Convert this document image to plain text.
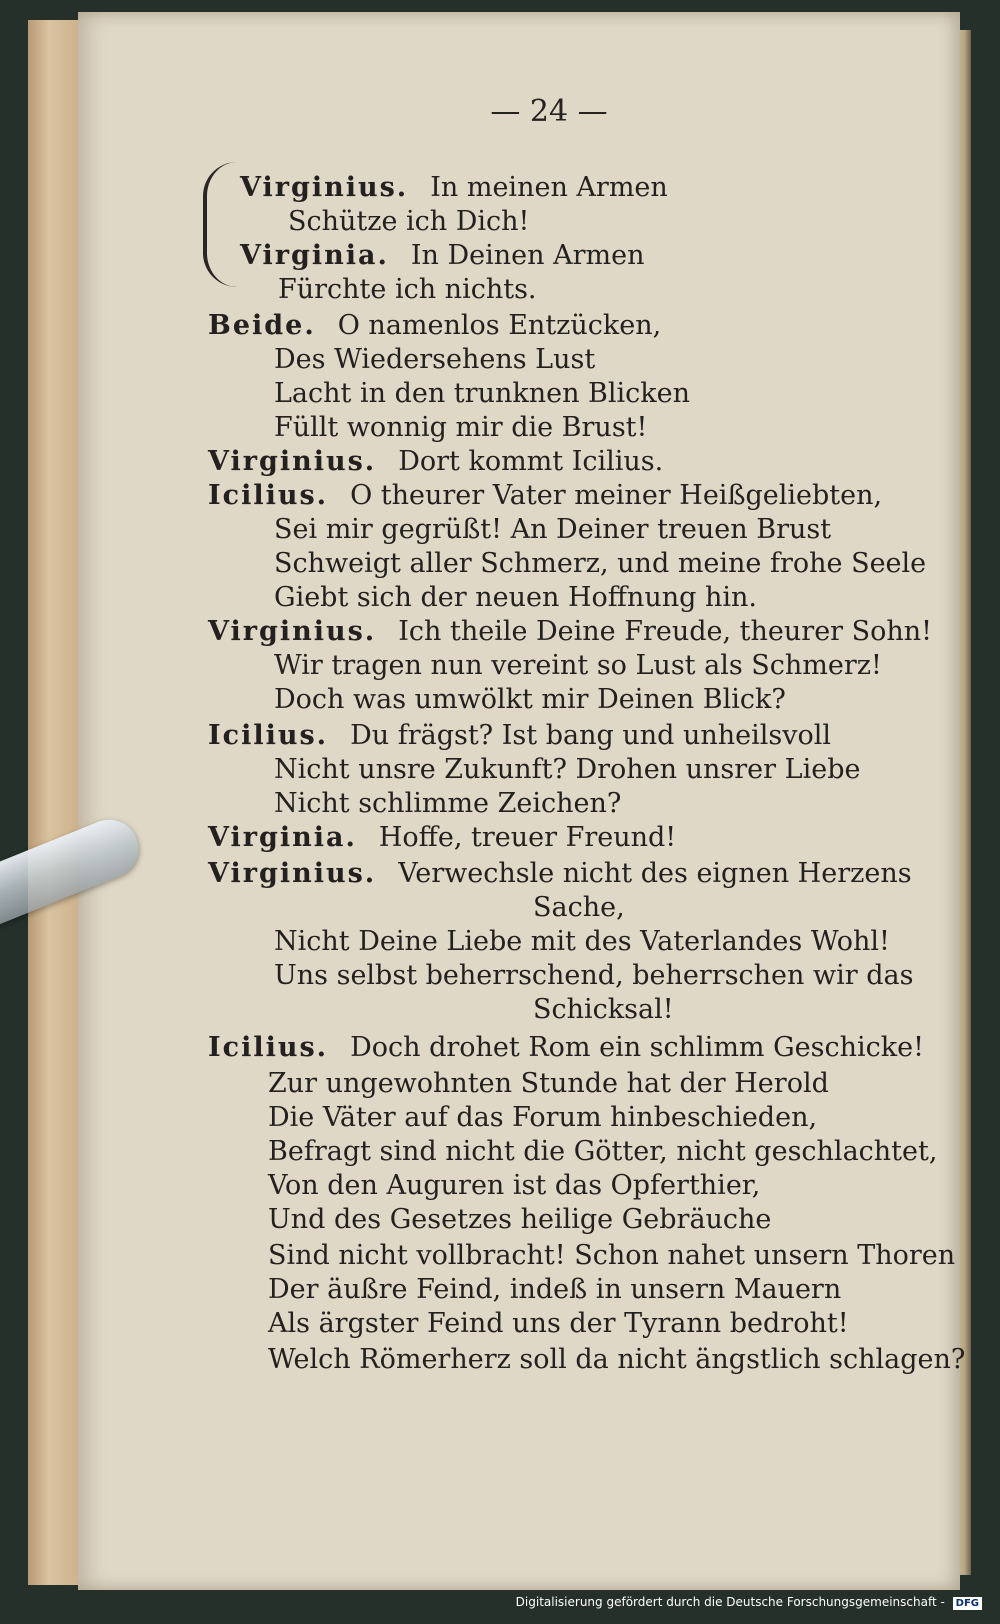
— 24 —
Virginius. In meinen Armen
Schütze ich Dich!
Virginia. In Deinen Armen
Fürchte ich nichts.
Beide. O namenlos Entzücken,
Des Wiedersehens Lust
Lacht in den trunknen Blicken
Füllt wonnig mir die Brust!
Virginius. Dort kommt Icilius.
Icilius. O theurer Vater meiner Heißgeliebten,
Sei mir gegrüßt! An Deiner treuen Brust
Schweigt aller Schmerz, und meine frohe Seele
Giebt sich der neuen Hoffnung hin.
Virginius. Ich theile Deine Freude, theurer Sohn!
Wir tragen nun vereint so Lust als Schmerz!
Doch was umwölkt mir Deinen Blick?
Icilius. Du frägst? Ist bang und unheilsvoll
Nicht unsre Zukunft? Drohen unsrer Liebe
Nicht schlimme Zeichen?
Virginia. Hoffe, treuer Freund!
Virginius. Verwechsle nicht des eignen Herzens
Sache,
Nicht Deine Liebe mit des Vaterlandes Wohl!
Uns selbst beherrschend, beherrschen wir das
Schicksal!
Icilius. Doch drohet Rom ein schlimm Geschicke!
Zur ungewohnten Stunde hat der Herold
Die Väter auf das Forum hinbeschieden,
Befragt sind nicht die Götter, nicht geschlachtet,
Von den Auguren ist das Opferthier,
Und des Gesetzes heilige Gebräuche
Sind nicht vollbracht! Schon nahet unsern Thoren
Der äußre Feind, indeß in unsern Mauern
Als ärgster Feind uns der Tyrann bedroht!
Welch Römerherz soll da nicht ängstlich schlagen?
Digitalisierung gefördert durch die Deutsche Forschungsgemeinschaft - DFG
